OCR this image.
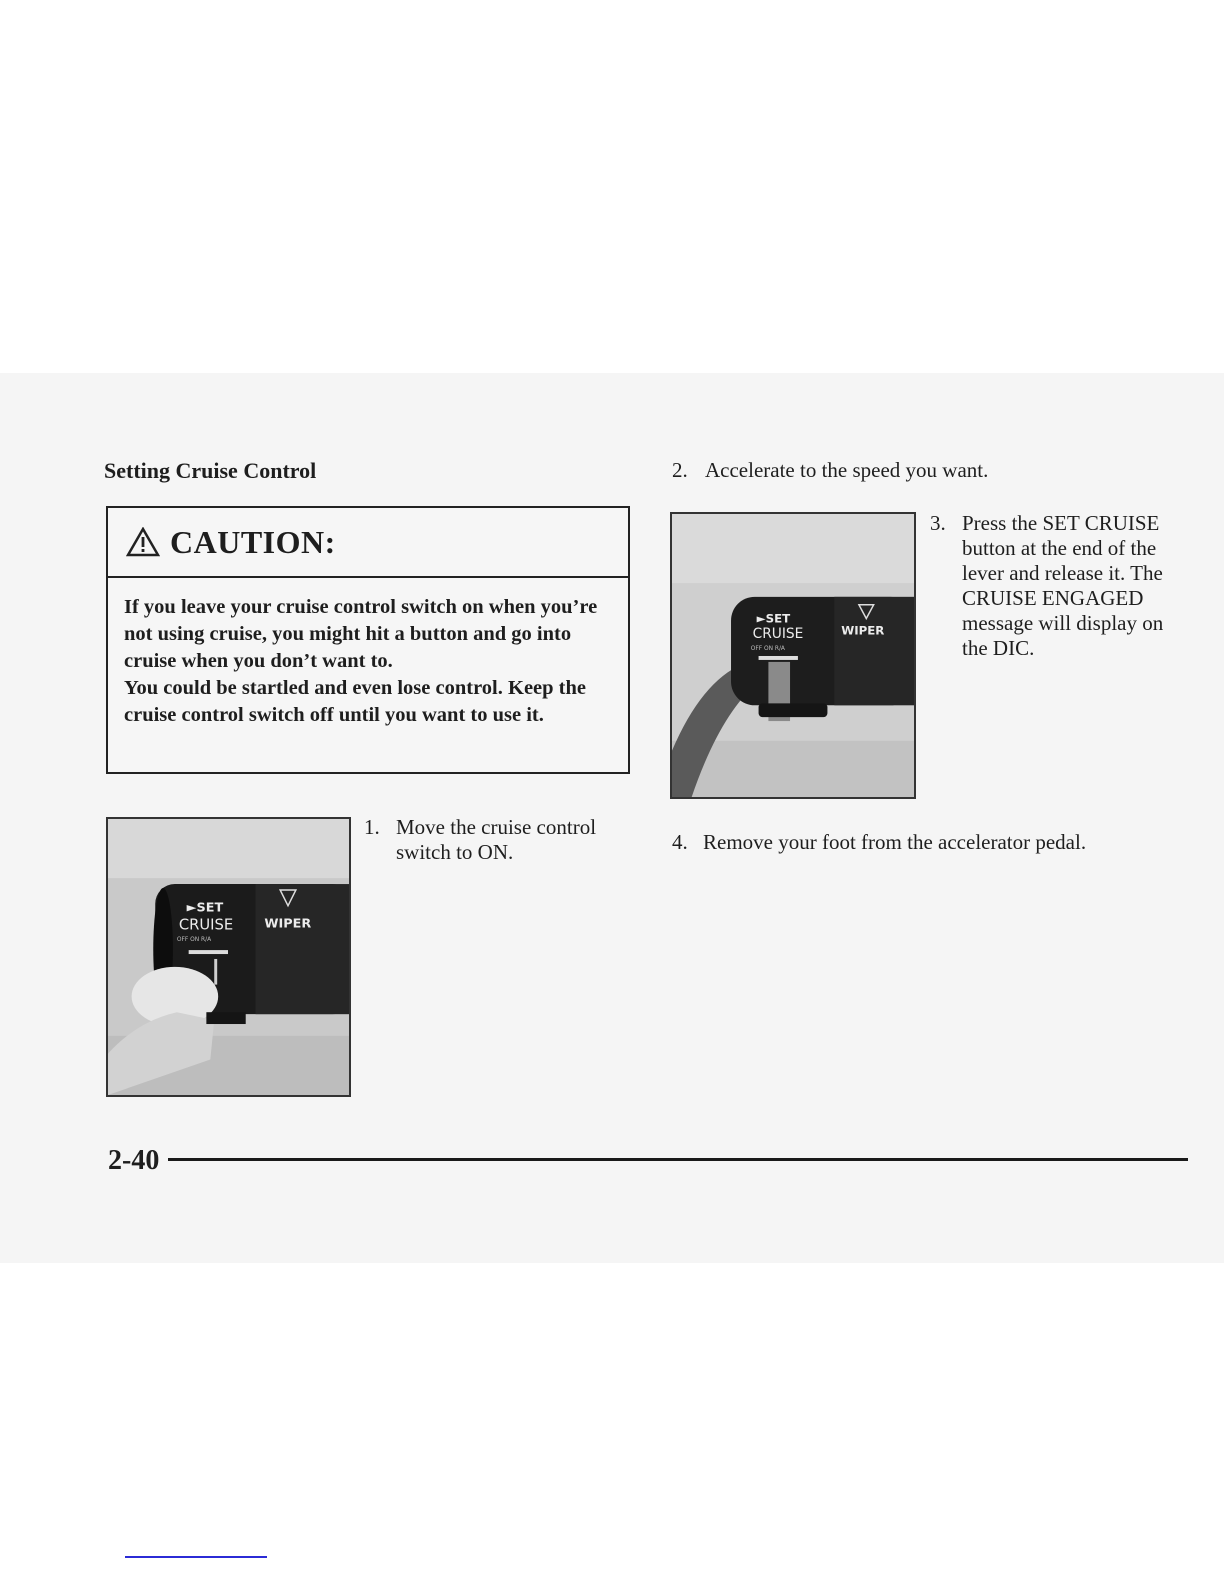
Setting Cruise Control
CAUTION:

If you leave your cruise control switch on when you’re not using cruise, you might hit a button and go into cruise when you don’t want to.

You could be startled and even lose control. Keep the cruise control switch off until you want to use it.

►SET
CRUISE
OFF ON R/A
WIPER
►SET
CRUISE
OFF ON R/A
WIPER
1. Move the cruise control switch to ON.
2. Accelerate to the speed you want.
3. Press the SET CRUISE button at the end of the lever and release it. The CRUISE ENGAGED message will display on the DIC.
4. Remove your foot from the accelerator pedal.
2-40
